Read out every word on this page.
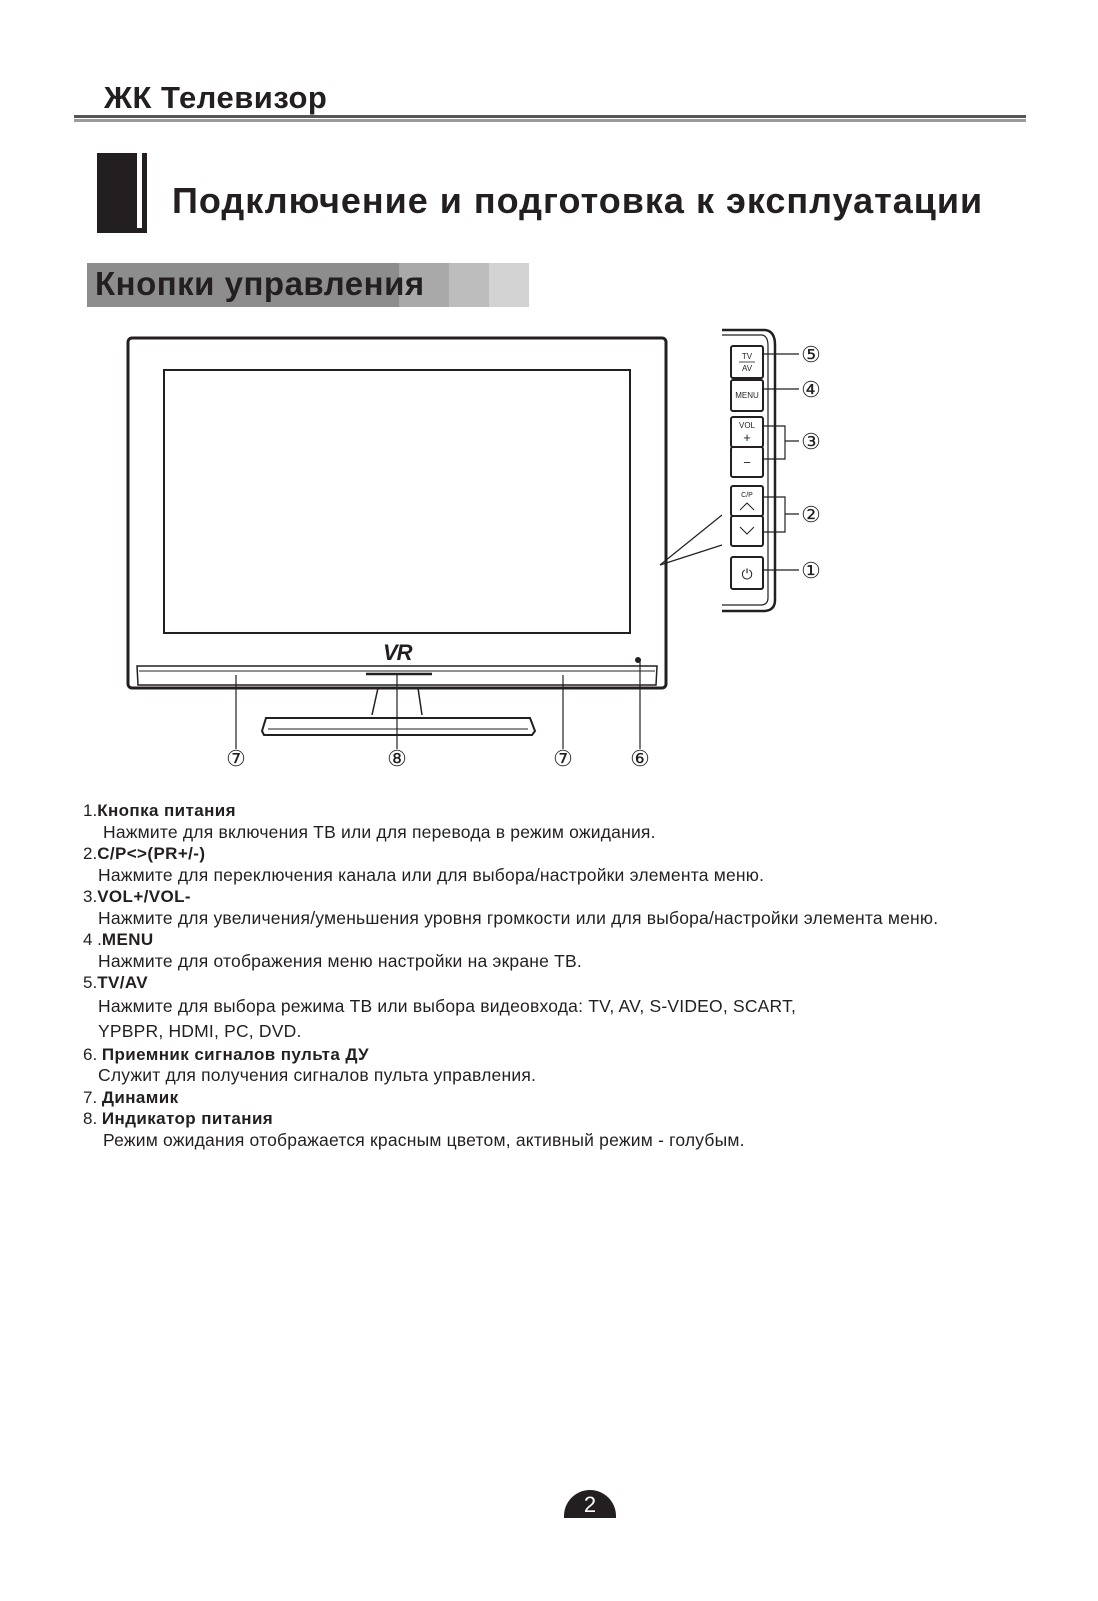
ЖК Телевизор
Подключение и подготовка к эксплуатации
Кнопки управления
VR
⑦	⑧	⑦	⑥
TV
AV
MENU
VOL
+
−
C/P
⏻
⑤
④
③
②
①
1.Кнопка питания
Нажмите для включения ТВ или для перевода в режим ожидания.
2.C/P<>(PR+/-)
Нажмите для переключения канала или для выбора/настройки элемента меню.
3.VOL+/VOL-
Нажмите для увеличения/уменьшения уровня громкости или для выбора/настройки элемента меню.
4 .MENU
Нажмите для отображения меню настройки на экране ТВ.
5.TV/AV
Нажмите для выбора режима ТВ или выбора видеовхода: TV, AV, S-VIDEO, SCART,
YPBPR, HDMI, PC, DVD.
6. Приемник сигналов пульта ДУ
Служит для получения сигналов пульта управления.
7. Динамик
8. Индикатор питания
Режим ожидания отображается красным цветом, активный режим - голубым.
2
